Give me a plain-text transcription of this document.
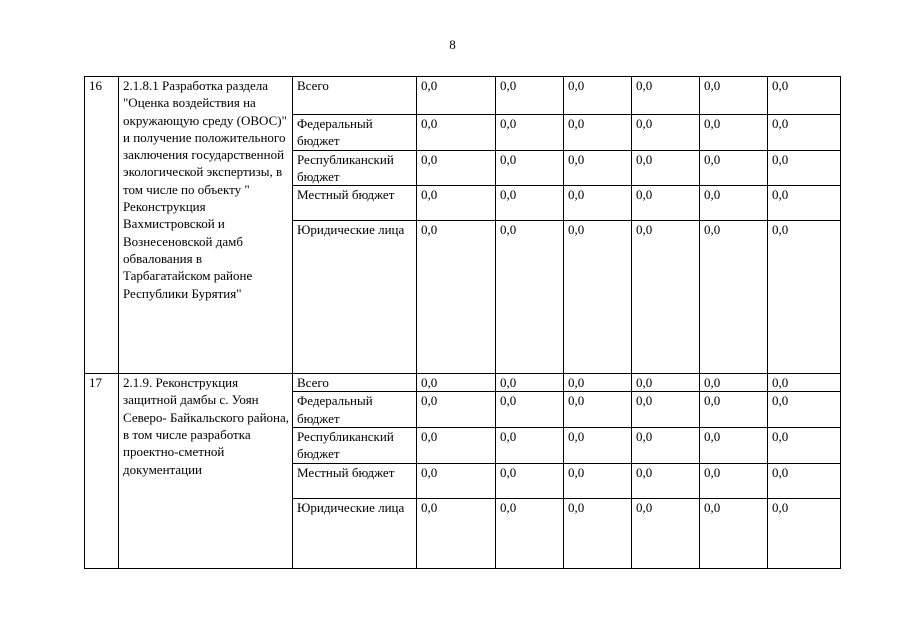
8
16	2.1.8.1 Разработка раздела "Оценка воздействия на окружающую среду (ОВОС)" и получение положительного заключения государственной экологической экспертизы, в том числе по объекту " Реконструкция Вахмистровской и Вознесеновской дамб обвалования в Тарбагатайском районе Республики Бурятия"	Всего	0,0	0,0	0,0	0,0	0,0	0,0
		Федеральный бюджет	0,0	0,0	0,0	0,0	0,0	0,0
		Республиканский бюджет	0,0	0,0	0,0	0,0	0,0	0,0
		Местный бюджет	0,0	0,0	0,0	0,0	0,0	0,0
		Юридические лица	0,0	0,0	0,0	0,0	0,0	0,0
17	2.1.9. Реконструкция защитной дамбы с. Уоян Северо- Байкальского района, в том числе разработка проектно-сметной документации	Всего	0,0	0,0	0,0	0,0	0,0	0,0
		Федеральный бюджет	0,0	0,0	0,0	0,0	0,0	0,0
		Республиканский бюджет	0,0	0,0	0,0	0,0	0,0	0,0
		Местный бюджет	0,0	0,0	0,0	0,0	0,0	0,0
		Юридические лица	0,0	0,0	0,0	0,0	0,0	0,0
